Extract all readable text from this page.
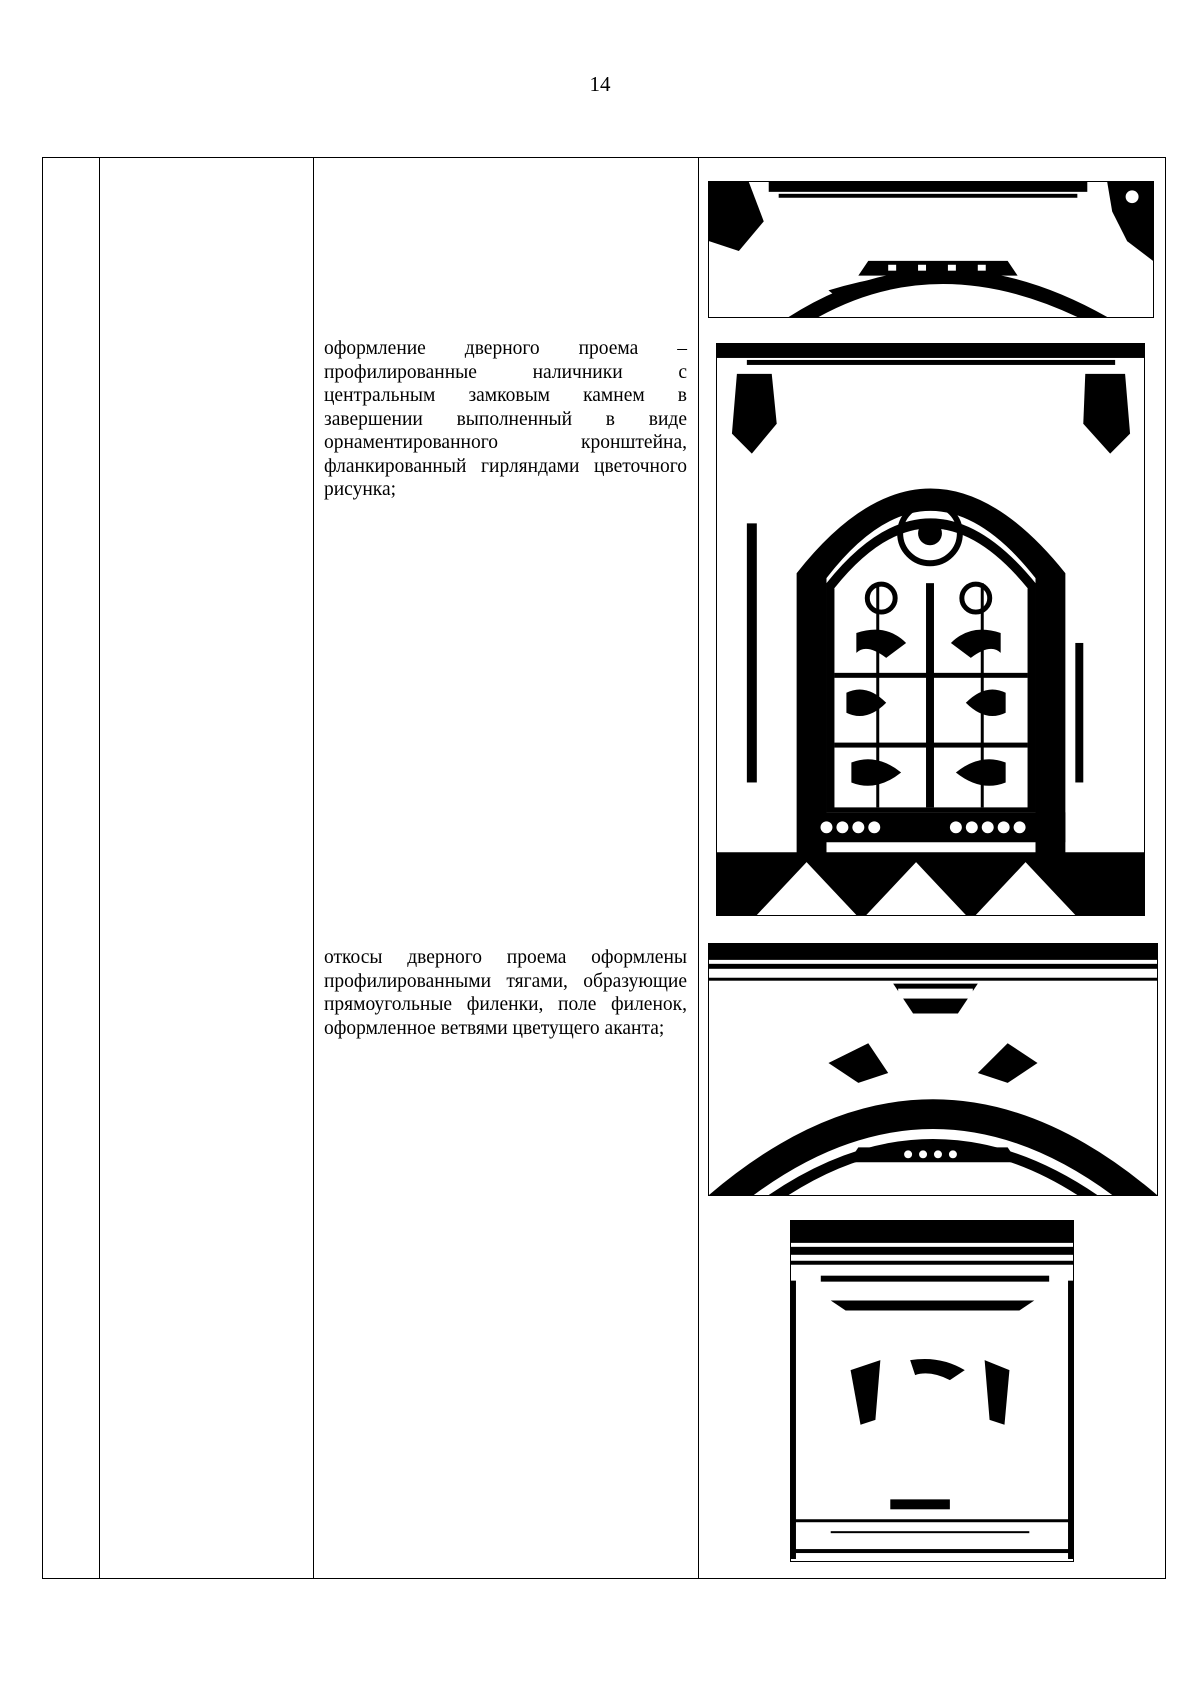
14
оформление дверного проема – профилированные наличники с центральным замковым камнем в завершении выполненный в виде орнаментированного кронштейна, фланкированный гирляндами цветочного рисунка;
откосы дверного проема оформлены профилированными тягами, образующие прямоугольные филенки, поле филенок, оформленное ветвями цветущего аканта;
